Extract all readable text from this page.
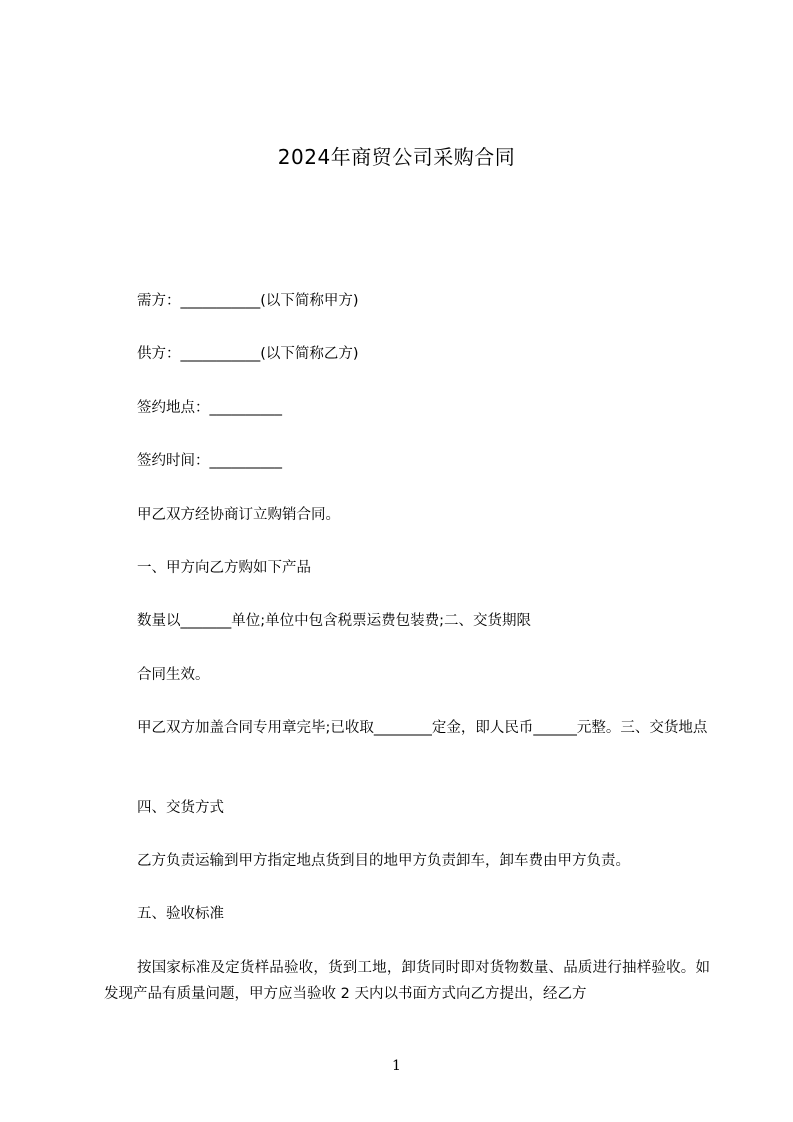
2024年商贸公司采购合同
需方：___________(以下简称甲方)
供方：___________(以下简称乙方)
签约地点：__________
签约时间：__________
甲乙双方经协商订立购销合同。
一、甲方向乙方购如下产品
数量以_______单位;单位中包含税票运费包装费;二、交货期限
合同生效。
甲乙双方加盖合同专用章完毕;已收取________定金，即人民币______元整。三、交货地点
四、交货方式
乙方负责运输到甲方指定地点货到目的地甲方负责卸车，卸车费由甲方负责。
五、验收标准
按国家标准及定货样品验收，货到工地，卸货同时即对货物数量、品质进行抽样验收。如发现产品有质量问题，甲方应当验收 2 天内以书面方式向乙方提出，经乙方
1
